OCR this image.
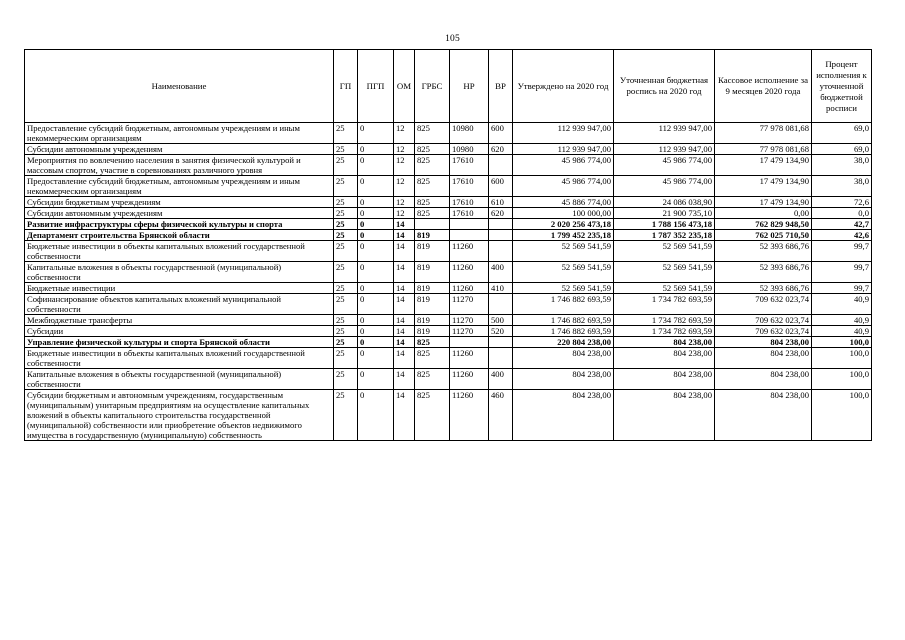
105
Наименование	ГП	ПГП	ОМ	ГРБС	НР	ВР	Утверждено на 2020 год	Уточненная бюджетная роспись на 2020 год	Кассовое исполнение за 9 месяцев 2020 года	Процент исполнения к уточненной бюджетной росписи
Предоставление субсидий бюджетным, автономным учреждениям и иным некоммерческим организациям	25	0	12	825	10980	600	112 939 947,00	112 939 947,00	77 978 081,68	69,0
Субсидии автономным учреждениям	25	0	12	825	10980	620	112 939 947,00	112 939 947,00	77 978 081,68	69,0
Мероприятия по вовлечению населения в занятия физической культурой и массовым спортом, участие в соревнованиях различного уровня	25	0	12	825	17610		45 986 774,00	45 986 774,00	17 479 134,90	38,0
Предоставление субсидий бюджетным, автономным учреждениям и иным некоммерческим организациям	25	0	12	825	17610	600	45 986 774,00	45 986 774,00	17 479 134,90	38,0
Субсидии бюджетным учреждениям	25	0	12	825	17610	610	45 886 774,00	24 086 038,90	17 479 134,90	72,6
Субсидии автономным учреждениям	25	0	12	825	17610	620	100 000,00	21 900 735,10	0,00	0,0
Развитие инфраструктуры сферы физической культуры и спорта	25	0	14				2 020 256 473,18	1 788 156 473,18	762 829 948,50	42,7
Департамент строительства Брянской области	25	0	14	819			1 799 452 235,18	1 787 352 235,18	762 025 710,50	42,6
Бюджетные инвестиции в объекты капитальных вложений государственной собственности	25	0	14	819	11260		52 569 541,59	52 569 541,59	52 393 686,76	99,7
Капитальные вложения в объекты государственной (муниципальной) собственности	25	0	14	819	11260	400	52 569 541,59	52 569 541,59	52 393 686,76	99,7
Бюджетные инвестиции	25	0	14	819	11260	410	52 569 541,59	52 569 541,59	52 393 686,76	99,7
Софинансирование объектов капитальных вложений муниципальной собственности	25	0	14	819	11270		1 746 882 693,59	1 734 782 693,59	709 632 023,74	40,9
Межбюджетные трансферты	25	0	14	819	11270	500	1 746 882 693,59	1 734 782 693,59	709 632 023,74	40,9
Субсидии	25	0	14	819	11270	520	1 746 882 693,59	1 734 782 693,59	709 632 023,74	40,9
Управление физической культуры и спорта Брянской области	25	0	14	825			220 804 238,00	804 238,00	804 238,00	100,0
Бюджетные инвестиции в объекты капитальных вложений государственной собственности	25	0	14	825	11260		804 238,00	804 238,00	804 238,00	100,0
Капитальные вложения в объекты государственной (муниципальной) собственности	25	0	14	825	11260	400	804 238,00	804 238,00	804 238,00	100,0
Субсидии бюджетным и автономным учреждениям, государственным (муниципальным) унитарным предприятиям на осуществление капитальных вложений в объекты капитального строительства государственной (муниципальной) собственности или приобретение объектов недвижимого имущества в государственную (муниципальную) собственность	25	0	14	825	11260	460	804 238,00	804 238,00	804 238,00	100,0
